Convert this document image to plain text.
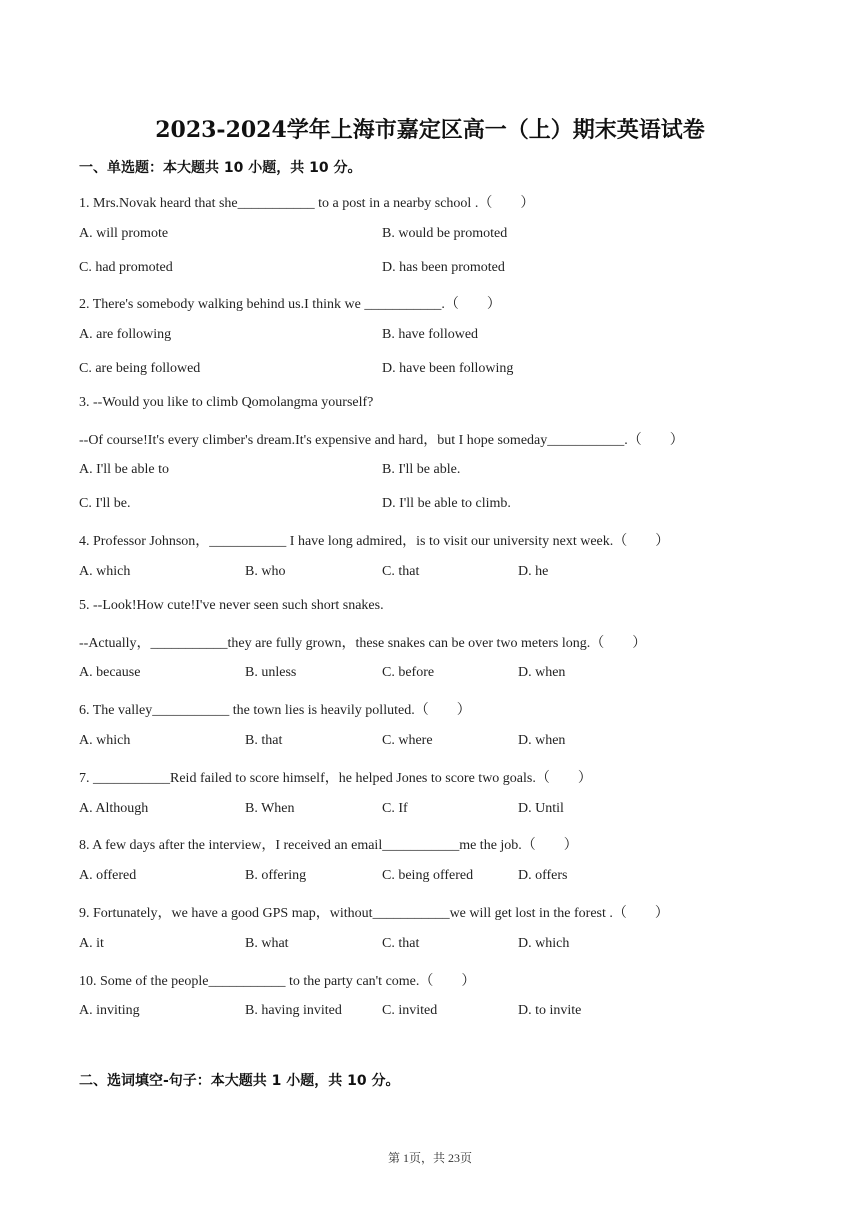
2023-2024学年上海市嘉定区高一（上）期末英语试卷
一、单选题：本大题共 10 小题，共 10 分。
1. Mrs.Novak heard that she___________ to a post in a nearby school .（　　）
A. will promote	B. would be promoted
C. had promoted	D. has been promoted
2. There's somebody walking behind us.I think we ___________.（　　）
A. are following	B. have followed
C. are being followed	D. have been following
3. --Would you like to climb Qomolangma yourself?
--Of course!It's every climber's dream.It's expensive and hard，but I hope someday___________.（　　）
A. I'll be able to	B. I'll be able.
C. I'll be.	D. I'll be able to climb.
4. Professor Johnson，___________ I have long admired，is to visit our university next week.（　　）
A. which	B. who	C. that	D. he
5. --Look!How cute!I've never seen such short snakes.
--Actually，___________they are fully grown，these snakes can be over two meters long.（　　）
A. because	B. unless	C. before	D. when
6. The valley___________ the town lies is heavily polluted.（　　）
A. which	B. that	C. where	D. when
7. ___________Reid failed to score himself，he helped Jones to score two goals.（　　）
A. Although	B. When	C. If	D. Until
8. A few days after the interview，I received an email___________me the job.（　　）
A. offered	B. offering	C. being offered	D. offers
9. Fortunately，we have a good GPS map，without___________we will get lost in the forest .（　　）
A. it	B. what	C. that	D. which
10. Some of the people___________ to the party can't come.（　　）
A. inviting	B. having invited	C. invited	D. to invite
二、选词填空-句子：本大题共 1 小题，共 10 分。
第 1页，共 23页
